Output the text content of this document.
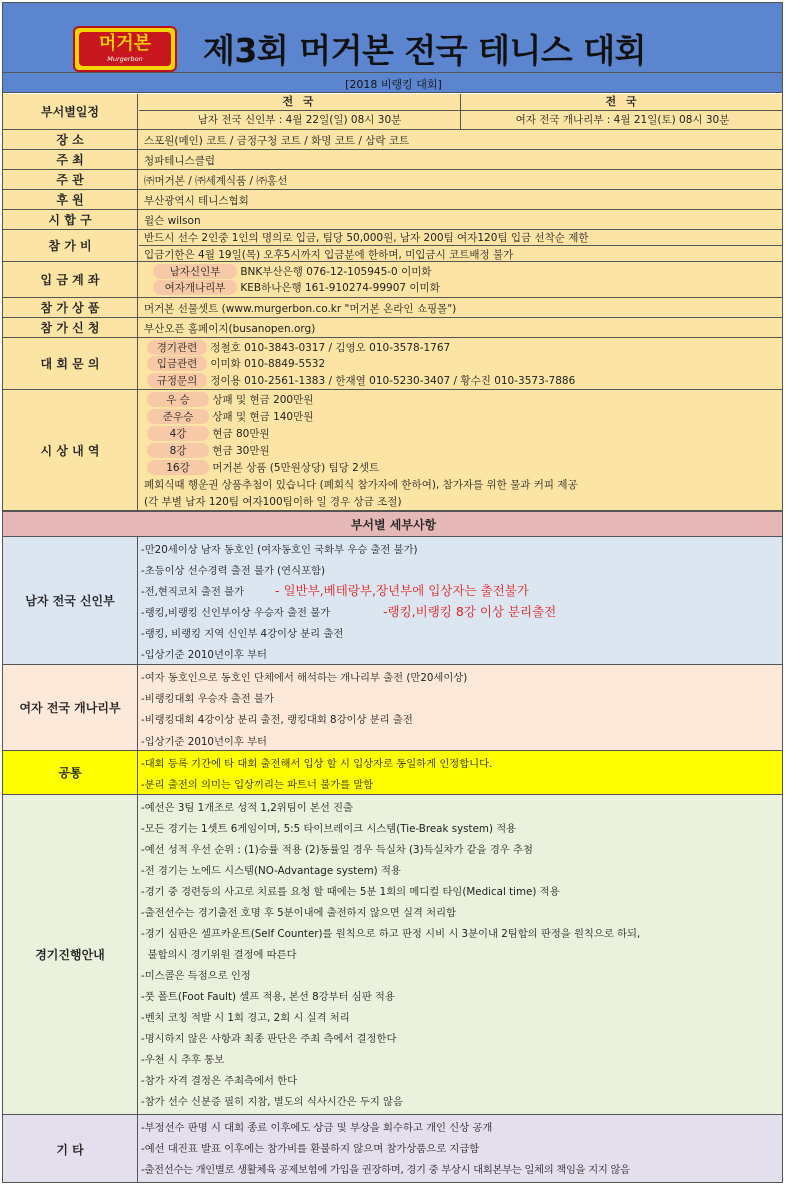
머거본
Murgerbon	제3회 머거본 전국 테니스 대회
[2018 비랭킹 대회]
부서별일정
전 국	전 국
남자 전국 신인부 : 4월 22일(일) 08시 30분	여자 전국 개나리부 : 4월 21일(토) 08시 30분
장 소	스포원(메인) 코트 / 금정구청 코트 / 화명 코트 / 삼락 코트
주 최	청파테니스클럽
주 관	㈜머거본 / ㈜세계식품 / ㈜홍선
후 원	부산광역시 테니스협회
시 합 구	윌슨 wilson
참 가 비
반드시 선수 2인중 1인의 명의로 입금, 팀당 50,000원, 남자 200팀 여자120팀 입금 선착순 제한
입금기한은 4월 19일(목) 오후5시까지 입금분에 한하며, 미입금시 코트배정 불가
입 금 계 좌
남자신인부 BNK부산은행 076-12-105945-0 이미화
여자개나리부 KEB하나은행 161-910274-99907 이미화
참 가 상 품	머거본 선물셋트 (www.murgerbon.co.kr "머거본 온라인 쇼핑몰")
참 가 신 청	부산오픈 홈페이지(busanopen.org)
대 회 문 의
경기관련 정철호 010-3843-0317 / 김영오 010-3578-1767
입금관련 이미화 010-8849-5532
규정문의 정이용 010-2561-1383 / 한재열 010-5230-3407 / 황수진 010-3573-7886
시 상 내 역
우 승 상패 및 현금 200만원
준우승 상패 및 현금 140만원
4강 현금 80만원
8강 현금 30만원
16강 머거본 상품 (5만원상당) 팀당 2셋트
폐회식때 행운권 상품추첨이 있습니다 (폐회식 참가자에 한하여), 참가자를 위한 물과 커피 제공
(각 부별 남자 120팀 여자100팀이하 일 경우 상금 조절)
부서별 세부사항
남자 전국 신인부
-만20세이상 남자 동호인 (여자동호인 국화부 우승 출전 불가)
-초등이상 선수경력 출전 불가 (연식포함)
-전,현직코치 출전 불가 - 일반부,베테랑부,장년부에 입상자는 출전불가
-랭킹,비랭킹 신인부이상 우승자 출전 불가	-랭킹,비랭킹 8강 이상 분리출전
-랭킹, 비랭킹 지역 신인부 4강이상 분리 출전
-입상기준 2010년이후 부터
여자 전국 개나리부
-여자 동호인으로 동호인 단체에서 해석하는 개나리부 출전 (만20세이상)
-비랭킹대회 우승자 출전 불가
-비랭킹대회 4강이상 분리 출전, 랭킹대회 8강이상 분리 출전
-입상기준 2010년이후 부터
공통
-대회 등록 기간에 타 대회 출전해서 입상 할 시 입상자로 동일하게 인정합니다.
-분리 출전의 의미는 입상끼리는 파트너 불가를 말함
경기진행안내
-예선은 3팀 1개조로 성적 1,2위팀이 본선 진출
-모든 경기는 1셋트 6게임이며, 5:5 타이브레이크 시스템(Tie-Break system) 적용
-예선 성적 우선 순위 : (1)승률 적용 (2)동률일 경우 득실차 (3)득실차가 같을 경우 추첨
-전 경기는 노에드 시스템(NO-Advantage system) 적용
-경기 중 경련등의 사고로 치료를 요청 할 때에는 5분 1회의 메디컬 타임(Medical time) 적용
-출전선수는 경기출전 호명 후 5분이내에 출전하지 않으면 실격 처리함
-경기 심판은 셀프카운트(Self Counter)를 원칙으로 하고 판정 시비 시 3분이내 2팀합의 판정을 원칙으로 하되,
불합의시 경기위원 결정에 따른다
-미스콜은 득점으로 인정
-풋 폴트(Foot Fault) 셀프 적용, 본선 8강부터 심판 적용
-벤치 코칭 적발 시 1회 경고, 2회 시 실격 처리
-명시하지 않은 사항과 최종 판단은 주최 측에서 결정한다
-우천 시 추후 통보
-참가 자격 결정은 주최측에서 한다
-참가 선수 신분증 필히 지참, 별도의 식사시간은 두지 않음
기 타
-부정선수 판명 시 대회 종료 이후에도 상금 및 부상을 회수하고 개인 신상 공개
-예선 대진표 발표 이후에는 참가비를 환불하지 않으며 참가상품으로 지급함
-출전선수는 개인별로 생활체육 공제보험에 가입을 권장하며, 경기 중 부상시 대회본부는 일체의 책임을 지지 않음
